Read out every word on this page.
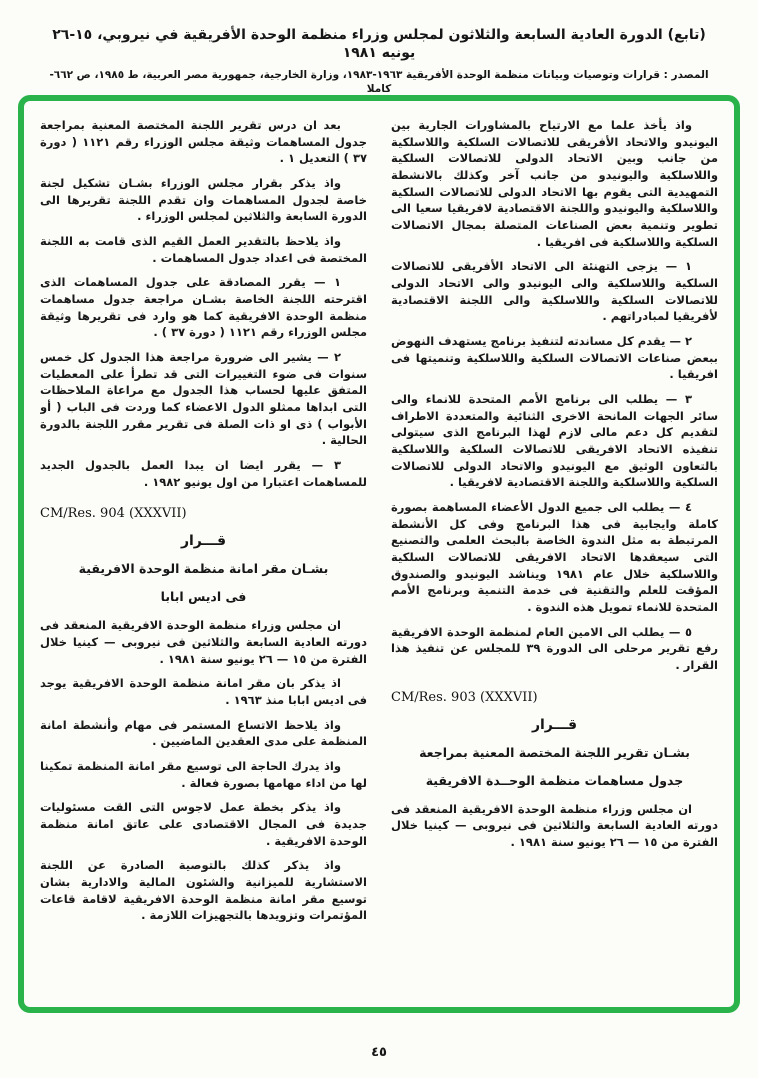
(تابع) الدورة العادية السابعة والثلاثون لمجلس وزراء منظمة الوحدة الأفريقية في نيروبي، ١٥-٢٦ يونيه ١٩٨١
المصدر : قرارات وتوصيات وبيانات منظمة الوحدة الأفريقية ١٩٦٣-١٩٨٣، وزارة الخارجية، جمهورية مصر العربية، ط ١٩٨٥، ص ٦٦٢-كاملا

واذ يأخذ علما مع الارتياح بالمشاورات الجارية بين اليونيدو والاتحاد الأفريقى للاتصالات السلكية واللاسلكية من جانب وبين الاتحاد الدولى للاتصالات السلكية واللاسلكية واليونيدو من جانب آخر وكذلك بالانشطة التمهيدية التى يقوم بها الاتحاد الدولى للاتصالات السلكية واللاسلكية واليونيدو واللجنة الاقتصادية لافريقيا سعيا الى تطوير وتنمية بعض الصناعات المتصلة بمجال الاتصالات السلكية واللاسلكية فى افريقيا .

١ — يزجى التهنئة الى الاتحاد الأفريقى للاتصالات السلكية واللاسلكية والى اليونيدو والى الاتحاد الدولى للاتصالات السلكية واللاسلكية والى اللجنة الاقتصادية لأفريقيا لمبادراتهم .

٢ — يقدم كل مساندته لتنفيذ برنامج يستهدف النهوض ببعض صناعات الاتصالات السلكية واللاسلكية وتنميتها فى افريقيا .

٣ — يطلب الى برنامج الأمم المتحدة للانماء والى سائر الجهات المانحة الاخرى الثنائية والمتعددة الاطراف لتقديم كل دعم مالى لازم لهذا البرنامج الذى سيتولى تنفيذه الاتحاد الافريقى للاتصالات السلكية واللاسلكية بالتعاون الوثيق مع اليونيدو والاتحاد الدولى للاتصالات السلكية واللاسلكية واللجنة الاقتصادية لافريقيا .

٤ — يطلب الى جميع الدول الأعضاء المساهمة بصورة كاملة وايجابية فى هذا البرنامج وفى كل الأنشطة المرتبطة به مثل الندوة الخاصة بالبحث العلمى والتصنيع التى سيعقدها الاتحاد الافريقى للاتصالات السلكية واللاسلكية خلال عام ١٩٨١ ويناشد اليونيدو والصندوق المؤقت للعلم والتقنية فى خدمة التنمية وبرنامج الأمم المتحدة للانماء تمويل هذه الندوة .

٥ — يطلب الى الامين العام لمنظمة الوحدة الافريقية رفع تقرير مرحلى الى الدورة ٣٩ للمجلس عن تنفيذ هذا القرار .

CM/Res. 903 (XXXVII)
قـــرار
بشـان تقرير اللجنة المختصة المعنية بمراجعة
جدول مساهمات منظمة الوحــدة الافريقية

ان مجلس وزراء منظمة الوحدة الافريقية المنعقد فى دورته العادية السابعة والثلاثين فى نيروبى — كينيا خلال الفترة من ١٥ — ٢٦ يونيو سنة ١٩٨١ .

بعد ان درس تقرير اللجنة المختصة المعنية بمراجعة جدول المساهمات وثيقة مجلس الوزراء رقم ١١٢١ ( دورة ٣٧ ) التعديل ١ .

واذ يذكر بقرار مجلس الوزراء بشـان تشكيل لجنة خاصة لجدول المساهمات وان تقدم اللجنة تقريرها الى الدورة السابعة والثلاثين لمجلس الوزراء .

واذ يلاحظ بالتقدير العمل القيم الذى قامت به اللجنة المختصة فى اعداد جدول المساهمات .

١ — يقرر المصادقة على جدول المساهمات الذى اقترحته اللجنة الخاصة بشـان مراجعة جدول مساهمات منظمة الوحدة الافريقية كما هو وارد فى تقريرها وثيقة مجلس الوزراء رقم ١١٢١ ( دورة ٣٧ ) .

٢ — يشير الى ضرورة مراجعة هذا الجدول كل خمس سنوات فى ضوء التغييرات التى قد تطرأ على المعطيات المتفق عليها لحساب هذا الجدول مع مراعاة الملاحظات التى ابداها ممثلو الدول الاعضاء كما وردت فى الباب ( أو الأبواب ) ذى او ذات الصلة فى تقرير مقرر اللجنة بالدورة الحالية .

٣ — يقرر ايضا ان يبدا العمل بالجدول الجديد للمساهمات اعتبارا من اول يونيو ١٩٨٢ .

CM/Res. 904 (XXXVII)
قـــرار
بشـان مقر امانة منظمة الوحدة الافريقية
فى اديس ابابا

ان مجلس وزراء منظمة الوحدة الافريقية المنعقد فى دورته العادية السابعة والثلاثين فى نيروبى — كينيا خلال الفترة من ١٥ — ٢٦ يونيو سنة ١٩٨١ .

اذ يذكر بان مقر امانة منظمة الوحدة الافريقية يوجد فى اديس ابابا منذ ١٩٦٣ .

واذ يلاحظ الاتساع المستمر فى مهام وأنشطة امانة المنظمة على مدى العقدين الماضيين .

واذ يدرك الحاجة الى توسيع مقر امانة المنظمة تمكينا لها من اداء مهامها بصورة فعالة .

واذ يذكر بخطة عمل لاجوس التى القت مسئوليات جديدة فى المجال الاقتصادى على عاتق امانة منظمة الوحدة الافريقية .

واذ يذكر كذلك بالتوصية الصادرة عن اللجنة الاستشارية للميزانية والشئون المالية والادارية بشان توسيع مقر امانة منظمة الوحدة الافريقية لاقامة قاعات المؤتمرات وتزويدها بالتجهيزات اللازمة .

٤٥
